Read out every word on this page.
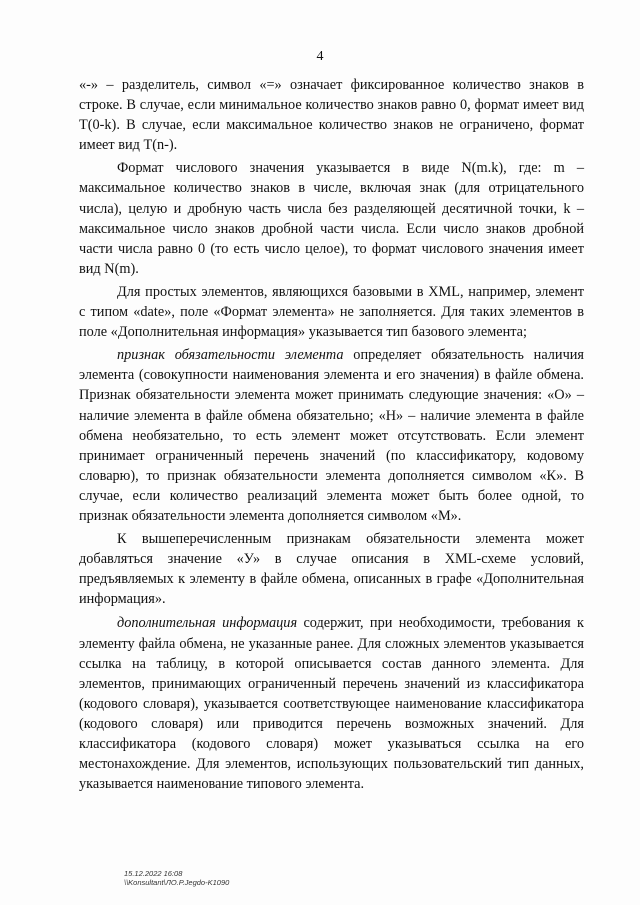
4

«-» – разделитель, символ «=» означает фиксированное количество знаков в строке. В случае, если минимальное количество знаков равно 0, формат имеет вид T(0-k). В случае, если максимальное количество знаков не ограничено, формат имеет вид T(n-).

Формат числового значения указывается в виде N(m.k), где: m – максимальное количество знаков в числе, включая знак (для отрицательного числа), целую и дробную часть числа без разделяющей десятичной точки, k – максимальное число знаков дробной части числа. Если число знаков дробной части числа равно 0 (то есть число целое), то формат числового значения имеет вид N(m).

Для простых элементов, являющихся базовыми в XML, например, элемент с типом «date», поле «Формат элемента» не заполняется. Для таких элементов в поле «Дополнительная информация» указывается тип базового элемента;

признак обязательности элемента определяет обязательность наличия элемента (совокупности наименования элемента и его значения) в файле обмена. Признак обязательности элемента может принимать следующие значения: «О» – наличие элемента в файле обмена обязательно; «Н» – наличие элемента в файле обмена необязательно, то есть элемент может отсутствовать. Если элемент принимает ограниченный перечень значений (по классификатору, кодовому словарю), то признак обязательности элемента дополняется символом «К». В случае, если количество реализаций элемента может быть более одной, то признак обязательности элемента дополняется символом «М».

К вышеперечисленным признакам обязательности элемента может добавляться значение «У» в случае описания в XML-схеме условий, предъявляемых к элементу в файле обмена, описанных в графе «Дополнительная информация».

дополнительная информация содержит, при необходимости, требования к элементу файла обмена, не указанные ранее. Для сложных элементов указывается ссылка на таблицу, в которой описывается состав данного элемента. Для элементов, принимающих ограниченный перечень значений из классификатора (кодового словаря), указывается соответствующее наименование классификатора (кодового словаря) или приводится перечень возможных значений. Для классификатора (кодового словаря) может указываться ссылка на его местонахождение. Для элементов, использующих пользовательский тип данных, указывается наименование типового элемента.

15.12.2022 16:08
\\Konsultant\ЛО.Р.Jegdo-K1090
